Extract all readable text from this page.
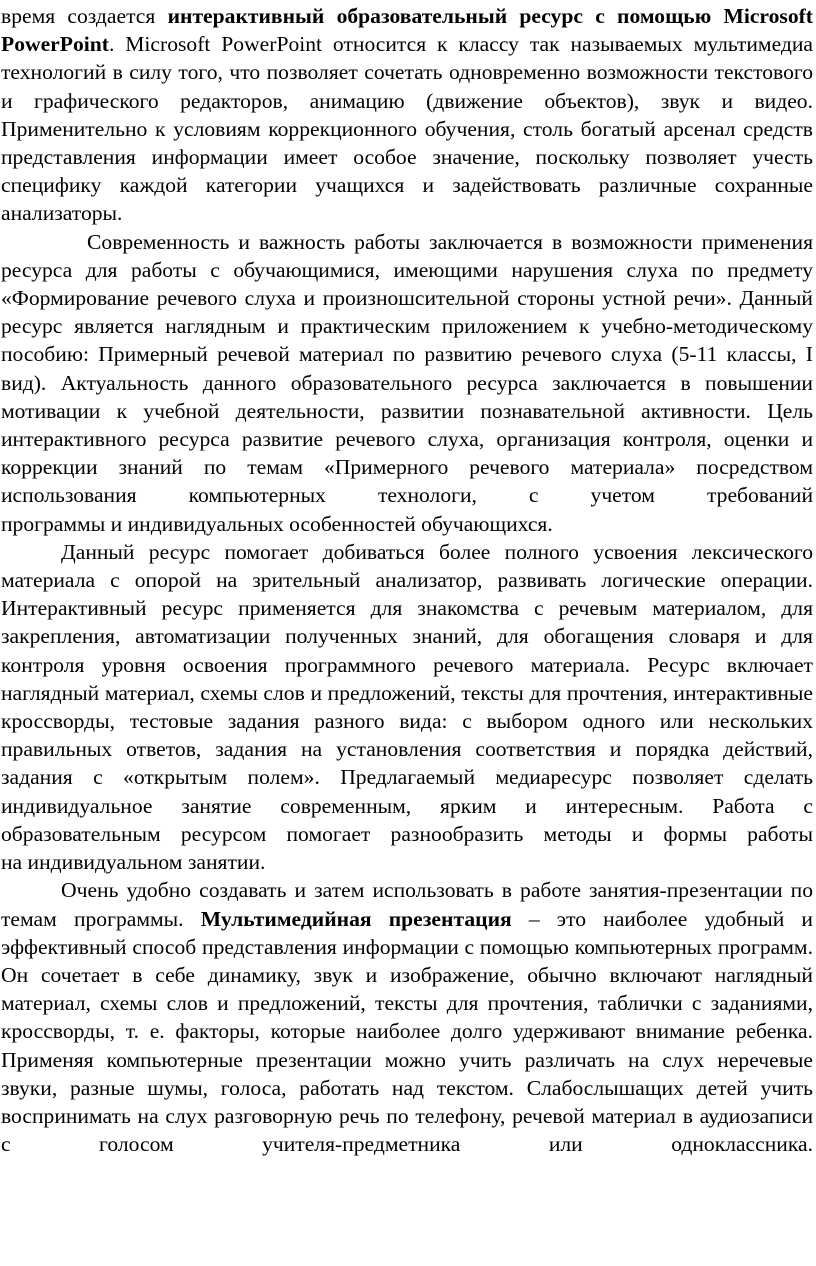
время создается интерактивный образовательный ресурс с помощью Microsoft PowerPoint. Microsoft PowerPoint относится к классу так называемых мультимедиа технологий в силу того, что позволяет сочетать одновременно возможности текстового и графического редакторов, анимацию (движение объектов), звук и видео. Применительно к условиям коррекционного обучения, столь богатый арсенал средств представления информации имеет особое значение, поскольку позволяет учесть специфику каждой категории учащихся и задействовать различные сохранные
анализаторы.

Современность и важность работы заключается в возможности применения ресурса для работы с обучающимися, имеющими нарушения слуха по предмету «Формирование речевого слуха и произношсительной стороны устной речи». Данный ресурс является наглядным и практическим приложением к учебно-методическому пособию: Примерный речевой материал по развитию речевого слуха (5-11 классы, I вид). Актуальность данного образовательного ресурса заключается в повышении мотивации к учебной деятельности, развитии познавательной активности. Цель интерактивного ресурса развитие речевого слуха, организация контроля, оценки и коррекции знаний по темам «Примерного речевого материала» посредством использования компьютерных технологи, с учетом требований
программы и индивидуальных особенностей обучающихся.

Данный ресурс помогает добиваться более полного усвоения лексического материала с опорой на зрительный анализатор, развивать логические операции. Интерактивный ресурс применяется для знакомства с речевым материалом, для закрепления, автоматизации полученных знаний, для обогащения словаря и для контроля уровня освоения программного речевого материала. Ресурс включает наглядный материал, схемы слов и предложений, тексты для прочтения, интерактивные кроссворды, тестовые задания разного вида: с выбором одного или нескольких правильных ответов, задания на установления соответствия и порядка действий, задания с «открытым полем». Предлагаемый медиаресурс позволяет сделать индивидуальное занятие современным, ярким и интересным. Работа с образовательным ресурсом помогает разнообразить методы и формы работы
на индивидуальном занятии.

Очень удобно создавать и затем использовать в работе занятия-презентации по темам программы. Мультимедийная презентация – это наиболее удобный и эффективный способ представления информации с помощью компьютерных программ. Он сочетает в себе динамику, звук и изображение, обычно включают наглядный материал, схемы слов и предложений, тексты для прочтения, таблички с заданиями, кроссворды, т. е. факторы, которые наиболее долго удерживают внимание ребенка. Применяя компьютерные презентации можно учить различать на слух неречевые звуки, разные шумы, голоса, работать над текстом. Слабослышащих детей учить воспринимать на слух разговорную речь по телефону, речевой материал в аудиозаписи с голосом учителя-предметника или одноклассника.
